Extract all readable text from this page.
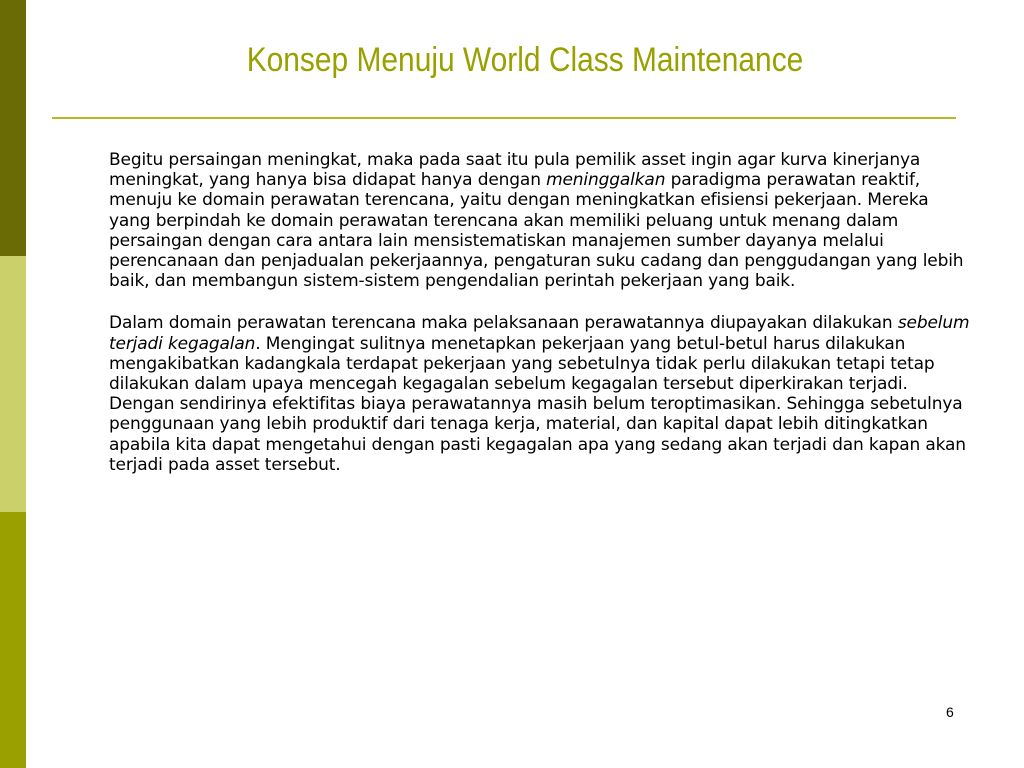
Konsep Menuju World Class Maintenance

Begitu persaingan meningkat, maka pada saat itu pula pemilik asset ingin agar kurva kinerjanya meningkat, yang hanya bisa didapat hanya dengan meninggalkan paradigma perawatan reaktif, menuju ke domain perawatan terencana, yaitu dengan meningkatkan efisiensi pekerjaan. Mereka yang berpindah ke domain perawatan terencana akan memiliki peluang untuk menang dalam persaingan dengan cara antara lain mensistematiskan manajemen sumber dayanya melalui perencanaan dan penjadualan pekerjaannya, pengaturan suku cadang dan penggudangan yang lebih baik, dan membangun sistem-sistem pengendalian perintah pekerjaan yang baik.

Dalam domain perawatan terencana maka pelaksanaan perawatannya diupayakan dilakukan sebelum terjadi kegagalan. Mengingat sulitnya menetapkan pekerjaan yang betul-betul harus dilakukan mengakibatkan kadangkala terdapat pekerjaan yang sebetulnya tidak perlu dilakukan tetapi tetap dilakukan dalam upaya mencegah kegagalan sebelum kegagalan tersebut diperkirakan terjadi. Dengan sendirinya efektifitas biaya perawatannya masih belum teroptimasikan. Sehingga sebetulnya penggunaan yang lebih produktif dari tenaga kerja, material, dan kapital dapat lebih ditingkatkan apabila kita dapat mengetahui dengan pasti kegagalan apa yang sedang akan terjadi dan kapan akan terjadi pada asset tersebut.

6
